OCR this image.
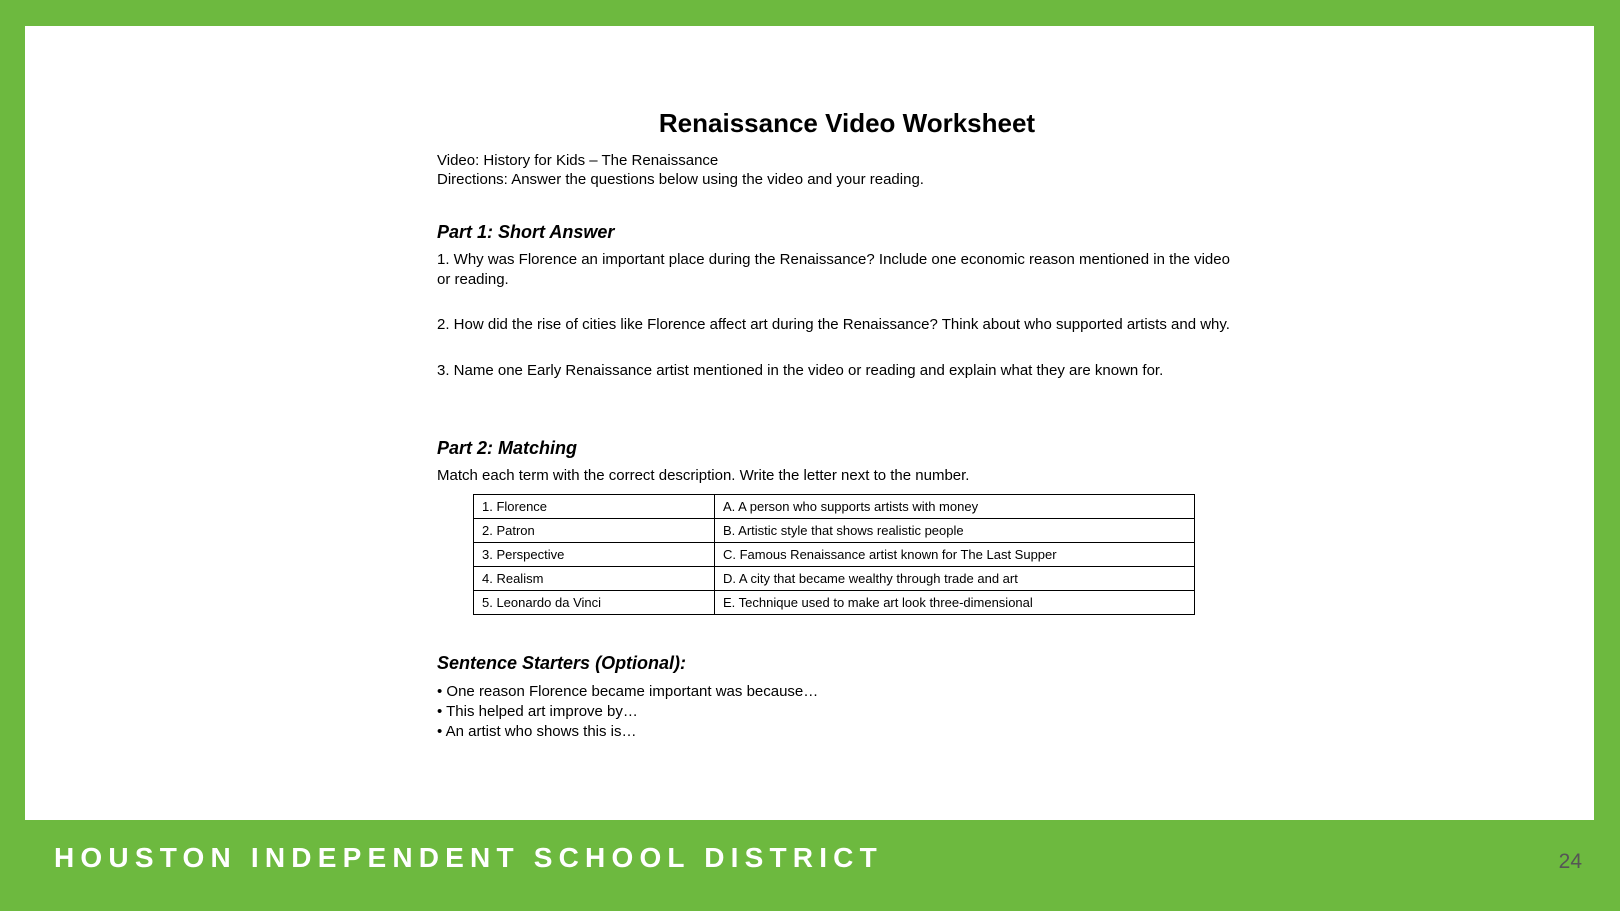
Renaissance Video Worksheet
Video: History for Kids – The Renaissance
Directions: Answer the questions below using the video and your reading.
Part 1: Short Answer
1. Why was Florence an important place during the Renaissance? Include one economic reason mentioned in the video or reading.
2. How did the rise of cities like Florence affect art during the Renaissance? Think about who supported artists and why.
3. Name one Early Renaissance artist mentioned in the video or reading and explain what they are known for.
Part 2: Matching
Match each term with the correct description. Write the letter next to the number.
1. Florence	A. A person who supports artists with money
2. Patron	B. Artistic style that shows realistic people
3. Perspective	C. Famous Renaissance artist known for The Last Supper
4. Realism	D. A city that became wealthy through trade and art
5. Leonardo da Vinci	E. Technique used to make art look three-dimensional
Sentence Starters (Optional):
• One reason Florence became important was because…
• This helped art improve by…
• An artist who shows this is…
HOUSTON INDEPENDENT SCHOOL DISTRICT	24
